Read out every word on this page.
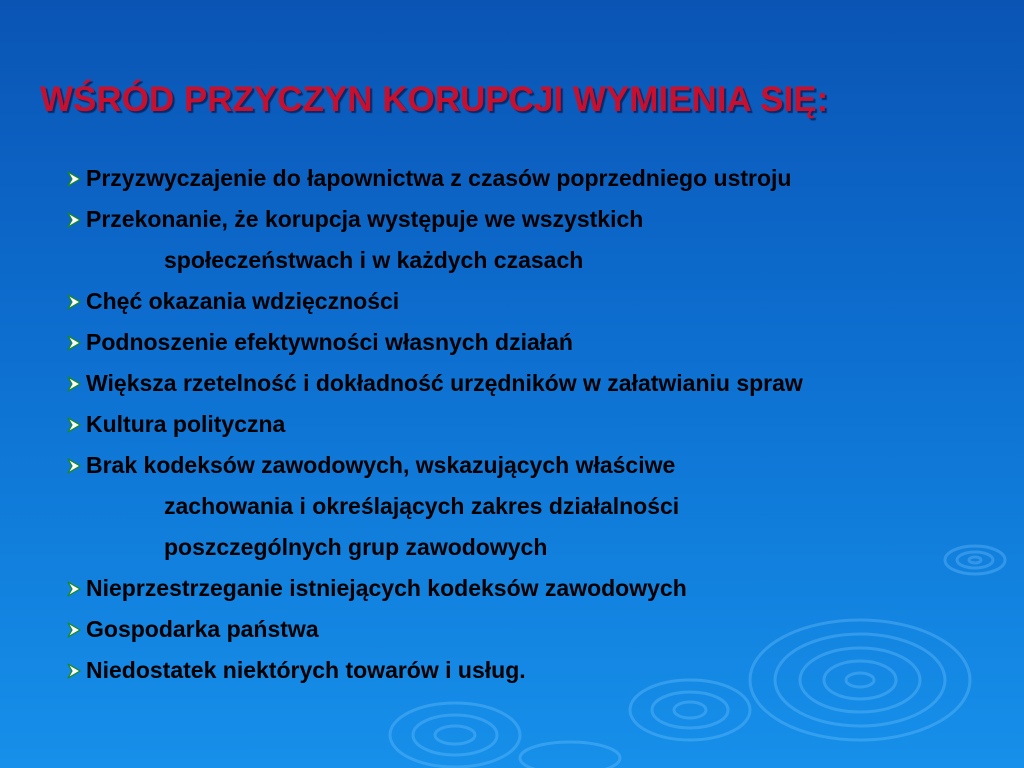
WŚRÓD PRZYCZYN KORUPCJI WYMIENIA SIĘ:
Przyzwyczajenie do łapownictwa z czasów poprzedniego ustroju
Przekonanie, że korupcja występuje we wszystkich
społeczeństwach i w każdych czasach
Chęć okazania wdzięczności
Podnoszenie efektywności własnych działań
Większa rzetelność i dokładność urzędników w załatwianiu spraw
Kultura polityczna
Brak kodeksów zawodowych, wskazujących właściwe
zachowania i określających zakres działalności
poszczególnych grup zawodowych
Nieprzestrzeganie istniejących kodeksów zawodowych
Gospodarka państwa
Niedostatek niektórych towarów i usług.
